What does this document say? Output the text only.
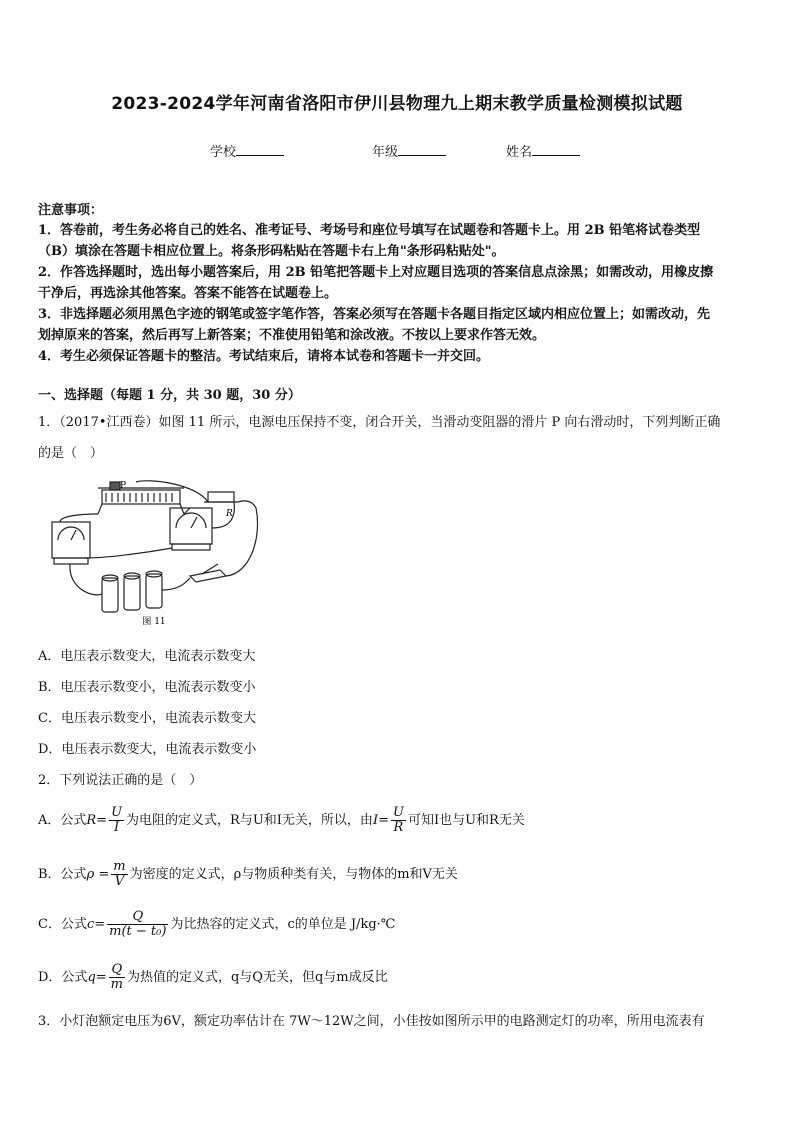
2023-2024学年河南省洛阳市伊川县物理九上期末教学质量检测模拟试题
学校	年级	姓名
注意事项：
1．答卷前，考生务必将自己的姓名、准考证号、考场号和座位号填写在试题卷和答题卡上。用 2B 铅笔将试卷类型
（B）填涂在答题卡相应位置上。将条形码粘贴在答题卡右上角"条形码粘贴处"。
2．作答选择题时，选出每小题答案后，用 2B 铅笔把答题卡上对应题目选项的答案信息点涂黑；如需改动，用橡皮擦
干净后，再选涂其他答案。答案不能答在试题卷上。
3．非选择题必须用黑色字迹的钢笔或签字笔作答，答案必须写在答题卡各题目指定区域内相应位置上；如需改动，先
划掉原来的答案，然后再写上新答案；不准使用铅笔和涂改液。不按以上要求作答无效。
4．考生必须保证答题卡的整洁。考试结束后，请将本试卷和答题卡一并交回。
一、选择题（每题 1 分，共 30 题，30 分）
1．（2017•江西卷）如图 11 所示，电源电压保持不变，闭合开关，当滑动变阻器的滑片 P 向右滑动时，下列判断正确
的是（　）
P
R
图 11
A．电压表示数变大，电流表示数变大
B．电压表示数变小，电流表示数变小
C．电压表示数变小，电流表示数变大
D．电压表示数变大，电流表示数变小
2．下列说法正确的是（　）
A．公式$R= \frac{U}{I}$ 为电阻的定义式，R与U和I无关，所以，由$I= \frac{U}{R}$ 可知I也与U和R无关
B．公式$\rho = \frac{m}{V}$ 为密度的定义式，ρ与物质种类有关，与物体的m和V无关
C．公式$c= \frac{Q}{\text{m(t − t₀)}}$ 为比热容的定义式，c的单位是 J/kg·℃
D．公式$q= \frac{Q}{m}$ 为热值的定义式，q与Q无关，但q与m成反比
3．小灯泡额定电压为6V，额定功率估计在 7W～12W之间，小佳按如图所示甲的电路测定灯的功率，所用电流表有
